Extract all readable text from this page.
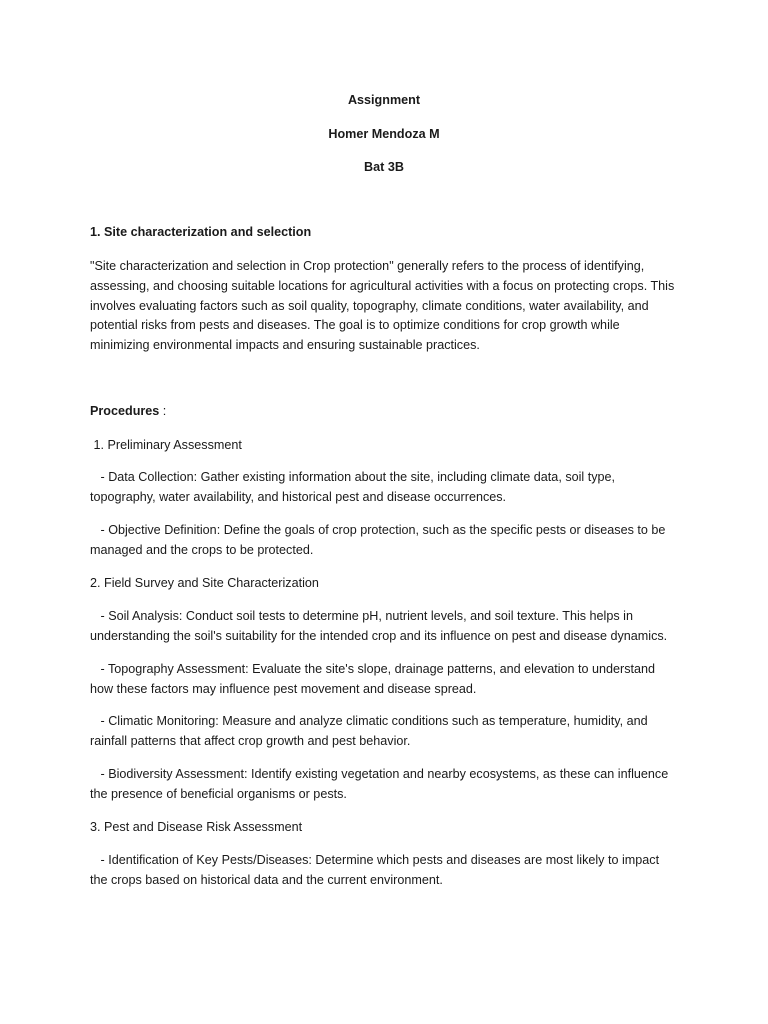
Assignment
Homer Mendoza M
Bat 3B

1. Site characterization and selection

"Site characterization and selection in Crop protection" generally refers to the process of identifying, assessing, and choosing suitable locations for agricultural activities with a focus on protecting crops. This involves evaluating factors such as soil quality, topography, climate conditions, water availability, and potential risks from pests and diseases. The goal is to optimize conditions for crop growth while minimizing environmental impacts and ensuring sustainable practices.

Procedures :

1. Preliminary Assessment

- Data Collection: Gather existing information about the site, including climate data, soil type, topography, water availability, and historical pest and disease occurrences.

- Objective Definition: Define the goals of crop protection, such as the specific pests or diseases to be managed and the crops to be protected.

2. Field Survey and Site Characterization

- Soil Analysis: Conduct soil tests to determine pH, nutrient levels, and soil texture. This helps in understanding the soil's suitability for the intended crop and its influence on pest and disease dynamics.

- Topography Assessment: Evaluate the site's slope, drainage patterns, and elevation to understand how these factors may influence pest movement and disease spread.

- Climatic Monitoring: Measure and analyze climatic conditions such as temperature, humidity, and rainfall patterns that affect crop growth and pest behavior.

- Biodiversity Assessment: Identify existing vegetation and nearby ecosystems, as these can influence the presence of beneficial organisms or pests.

3. Pest and Disease Risk Assessment

- Identification of Key Pests/Diseases: Determine which pests and diseases are most likely to impact the crops based on historical data and the current environment.
